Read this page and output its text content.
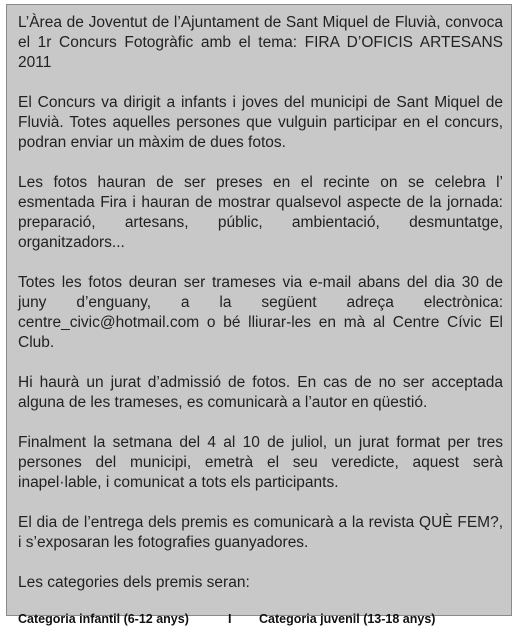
L’Àrea de Joventut de l’Ajuntament de Sant Miquel de Fluvià, convoca el 1r Concurs Fotogràfic amb el tema: FIRA D’OFICIS ARTESANS 2011

El Concurs va dirigit a infants i joves del municipi de Sant Miquel de Fluvià. Totes aquelles persones que vulguin participar en el concurs, podran enviar un màxim de dues fotos.

Les fotos hauran de ser preses en el recinte on se celebra l’ esmentada Fira i hauran de mostrar qualsevol aspecte de la jornada: preparació, artesans, públic, ambientació, desmuntatge, organitzadors...

Totes les fotos deuran ser trameses via e-mail abans del dia 30 de juny d’enguany, a la següent adreça electrònica: centre_civic@hotmail.com o bé lliurar-les en mà al Centre Cívic El Club.

Hi haurà un jurat d’admissió de fotos. En cas de no ser acceptada alguna de les trameses, es comunicarà a l’autor en qüestió.

Finalment la setmana del 4 al 10 de juliol, un jurat format per tres persones del municipi, emetrà el seu veredicte, aquest serà inapel·lable, i comunicat a tots els participants.

El dia de l’entrega dels premis es comunicarà a la revista QUÈ FEM?, i s’exposaran les fotografies guanyadores.

Les categories dels premis seran:

Categoria infantil (6-12 anys)	I Categoria juvenil (13-18 anys)
